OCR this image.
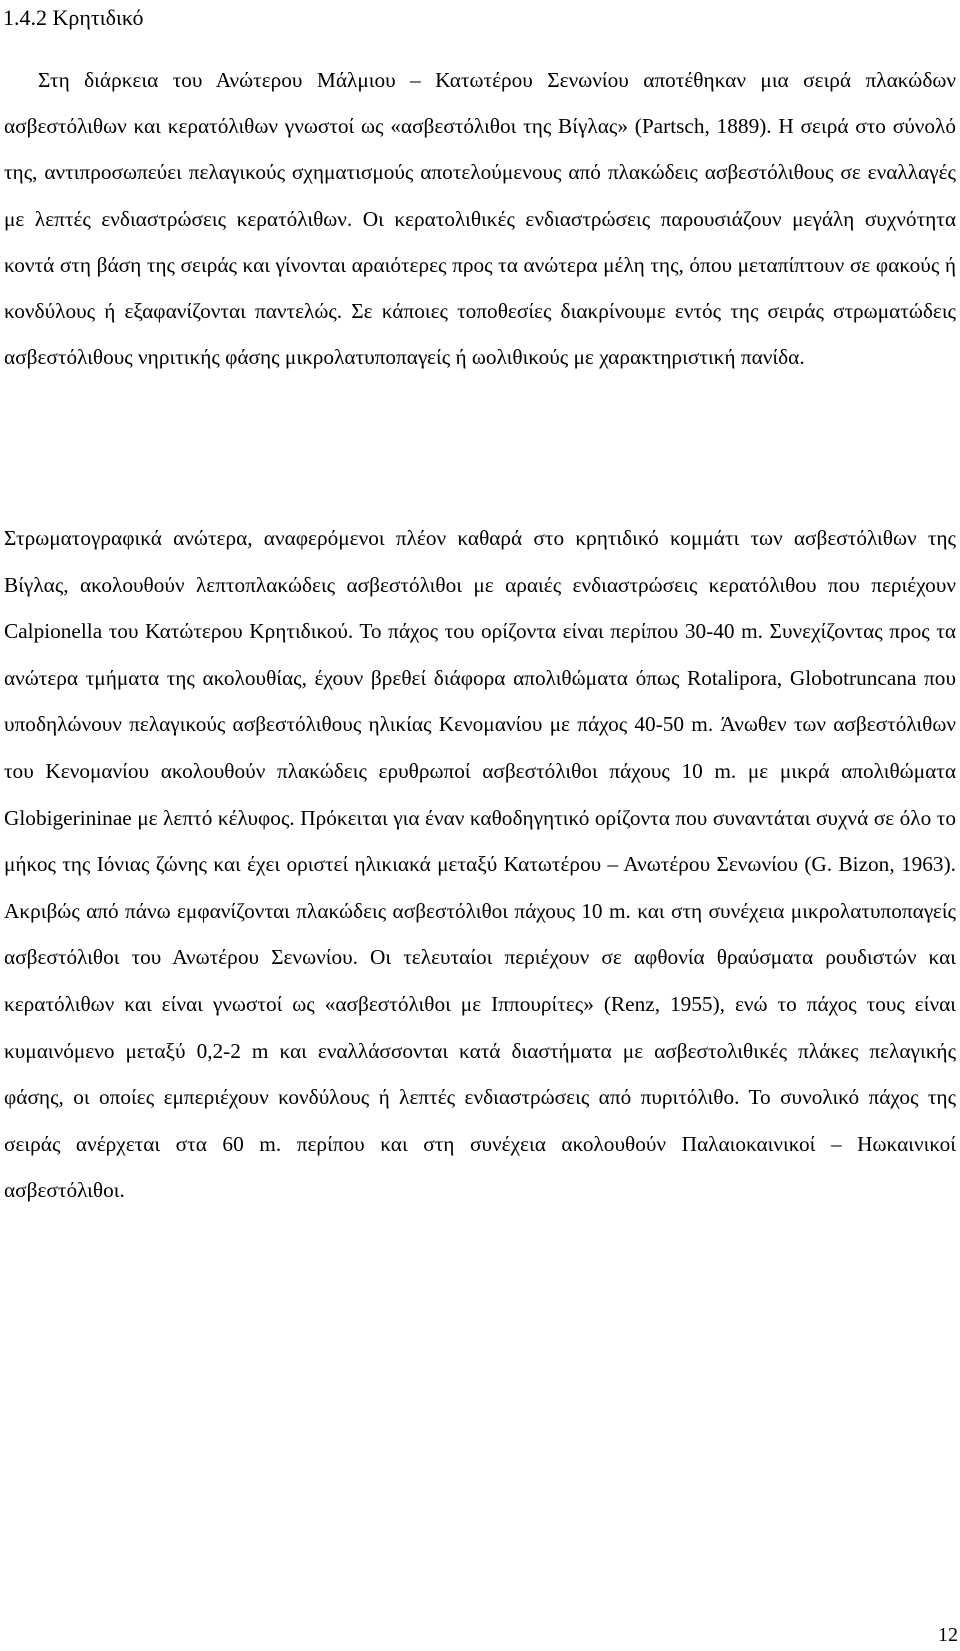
1.4.2 Κρητιδικό

Στη διάρκεια του Ανώτερου Μάλμιου – Κατωτέρου Σενωνίου αποτέθηκαν μια σειρά πλακώδων ασβεστόλιθων και κερατόλιθων γνωστοί ως «ασβεστόλιθοι της Βίγλας» (Partsch, 1889). Η σειρά στο σύνολό της, αντιπροσωπεύει πελαγικούς σχηματισμούς αποτελούμενους από πλακώδεις ασβεστόλιθους σε εναλλαγές με λεπτές ενδιαστρώσεις κερατόλιθων. Οι κερατολιθικές ενδιαστρώσεις παρουσιάζουν μεγάλη συχνότητα κοντά στη βάση της σειράς και γίνονται αραιότερες προς τα ανώτερα μέλη της, όπου μεταπίπτουν σε φακούς ή κονδύλους ή εξαφανίζονται παντελώς. Σε κάποιες τοποθεσίες διακρίνουμε εντός της σειράς στρωματώδεις ασβεστόλιθους νηριτικής φάσης μικρολατυποπαγείς ή ωολιθικούς με χαρακτηριστική πανίδα.

Στρωματογραφικά ανώτερα, αναφερόμενοι πλέον καθαρά στο κρητιδικό κομμάτι των ασβεστόλιθων της Βίγλας, ακολουθούν λεπτοπλακώδεις ασβεστόλιθοι με αραιές ενδιαστρώσεις κερατόλιθου που περιέχουν Calpionella του Κατώτερου Κρητιδικού. Το πάχος του ορίζοντα είναι περίπου 30-40 m. Συνεχίζοντας προς τα ανώτερα τμήματα της ακολουθίας, έχουν βρεθεί διάφορα απολιθώματα όπως Rotalipora, Globotruncana που υποδηλώνουν πελαγικούς ασβεστόλιθους ηλικίας Κενομανίου με πάχος 40-50 m. Άνωθεν των ασβεστόλιθων του Κενομανίου ακολουθούν πλακώδεις ερυθρωποί ασβεστόλιθοι πάχους 10 m. με μικρά απολιθώματα Globigerininae με λεπτό κέλυφος. Πρόκειται για έναν καθοδηγητικό ορίζοντα που συναντάται συχνά σε όλο το μήκος της Ιόνιας ζώνης και έχει οριστεί ηλικιακά μεταξύ Κατωτέρου – Ανωτέρου Σενωνίου (G. Bizon, 1963). Ακριβώς από πάνω εμφανίζονται πλακώδεις ασβεστόλιθοι πάχους 10 m. και στη συνέχεια μικρολατυποπαγείς ασβεστόλιθοι του Ανωτέρου Σενωνίου. Οι τελευταίοι περιέχουν σε αφθονία θραύσματα ρουδιστών και κερατόλιθων και είναι γνωστοί ως «ασβεστόλιθοι με Ιππουρίτες» (Renz, 1955), ενώ το πάχος τους είναι κυμαινόμενο μεταξύ 0,2-2 m και εναλλάσσονται κατά διαστήματα με ασβεστολιθικές πλάκες πελαγικής φάσης, οι οποίες εμπεριέχουν κονδύλους ή λεπτές ενδιαστρώσεις από πυριτόλιθο. Το συνολικό πάχος της σειράς ανέρχεται στα 60 m. περίπου και στη συνέχεια ακολουθούν Παλαιοκαινικοί – Ηωκαινικοί ασβεστόλιθοι.

12
